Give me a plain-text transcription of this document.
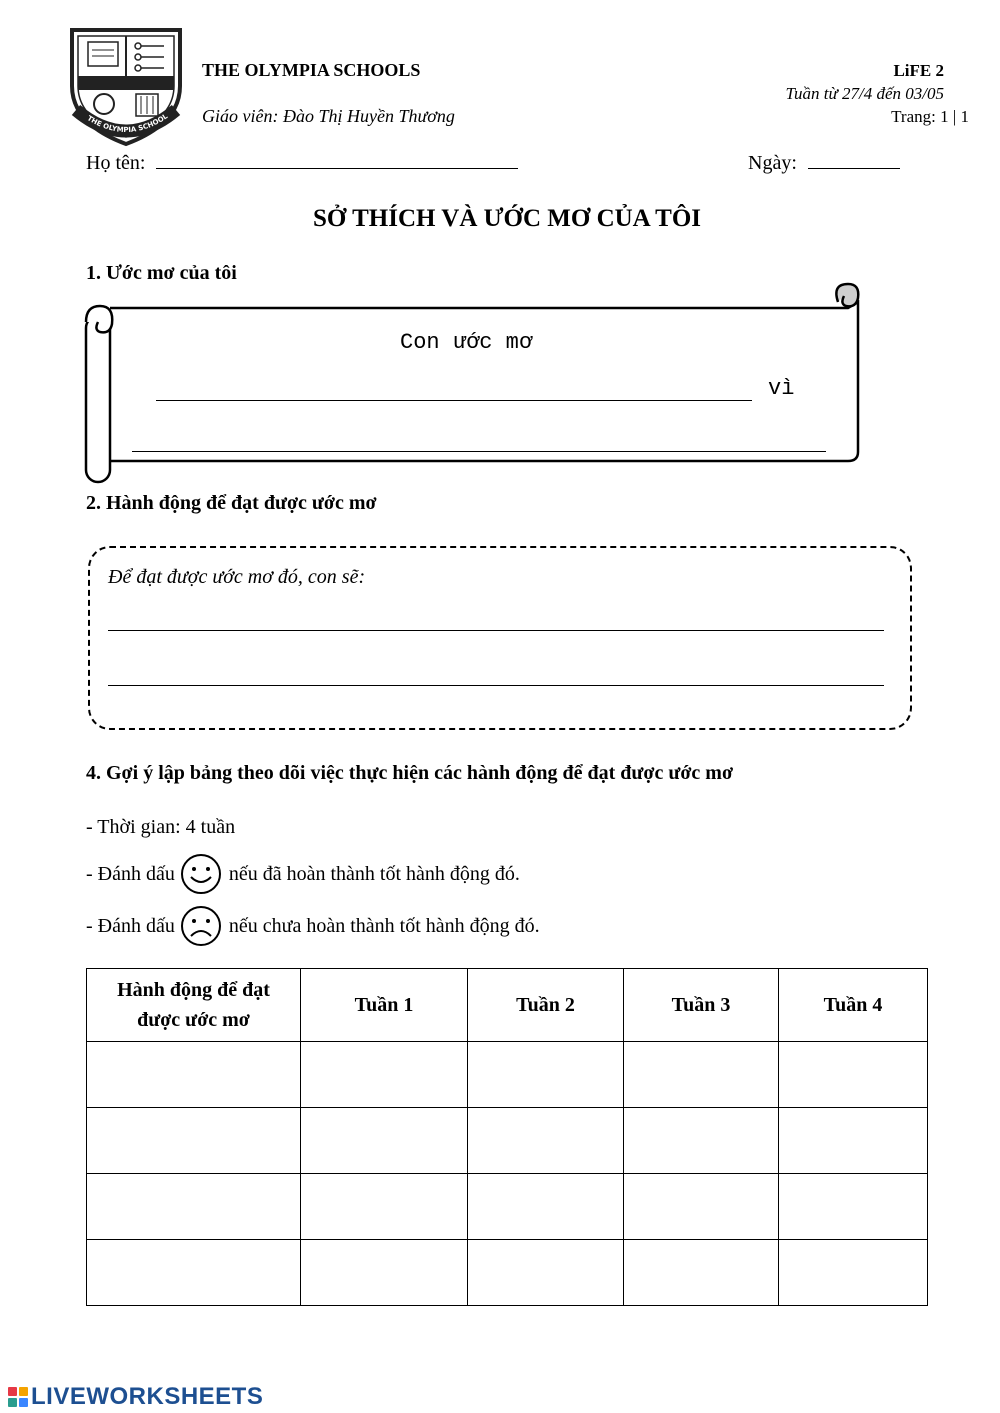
THE OLYMPIA SCHOOL
THE OLYMPIA SCHOOLS
Giáo viên: Đào Thị Huyền Thương
LiFE 2
Tuần từ 27/4 đến 03/05
Trang: 1 | 1
Họ tên:	Ngày:
SỞ THÍCH VÀ ƯỚC MƠ CỦA TÔI
1. Ước mơ của tôi
Con ước mơ
vì
2. Hành động để đạt được ước mơ
Để đạt được ước mơ đó, con sẽ:
4. Gợi ý lập bảng theo dõi việc thực hiện các hành động để đạt được ước mơ
- Thời gian: 4 tuần
- Đánh dấu	nếu đã hoàn thành tốt hành động đó.
- Đánh dấu	nếu chưa hoàn thành tốt hành động đó.
Hành động để đạt được ước mơ	Tuần 1	Tuần 2	Tuần 3	Tuần 4

LIVEWORKSHEETS
